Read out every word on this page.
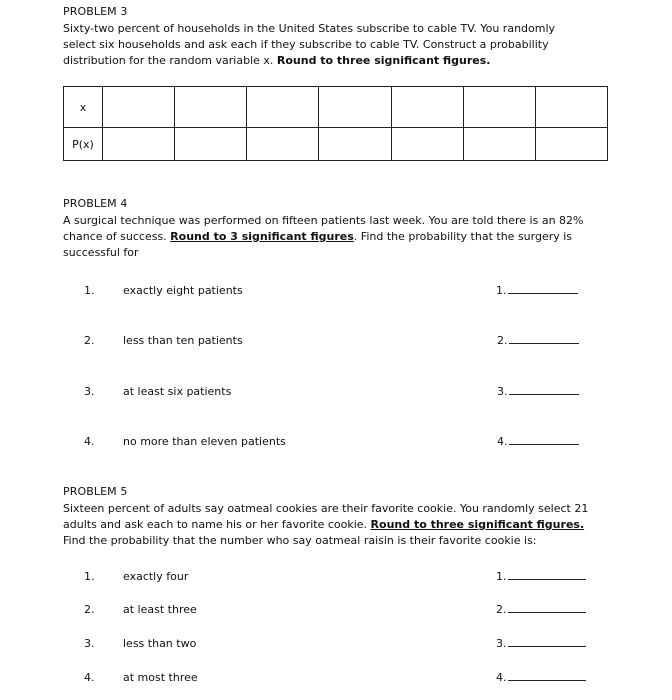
PROBLEM 3
Sixty-two percent of households in the United States subscribe to cable TV. You randomly
select six households and ask each if they subscribe to cable TV. Construct a probability
distribution for the random variable x. Round to three significant figures.
x							
P(x)							
PROBLEM 4
A surgical technique was performed on fifteen patients last week. You are told there is an 82%
chance of success. Round to 3 significant figures. Find the probability that the surgery is
successful for
1.	exactly eight patients	1.
2.	less than ten patients	2.
3.	at least six patients	3.
4.	no more than eleven patients	4.
PROBLEM 5
Sixteen percent of adults say oatmeal cookies are their favorite cookie. You randomly select 21
adults and ask each to name his or her favorite cookie. Round to three significant figures.
Find the probability that the number who say oatmeal raisin is their favorite cookie is:
1.	exactly four	1.
2.	at least three	2.
3.	less than two	3.
4.	at most three	4.
